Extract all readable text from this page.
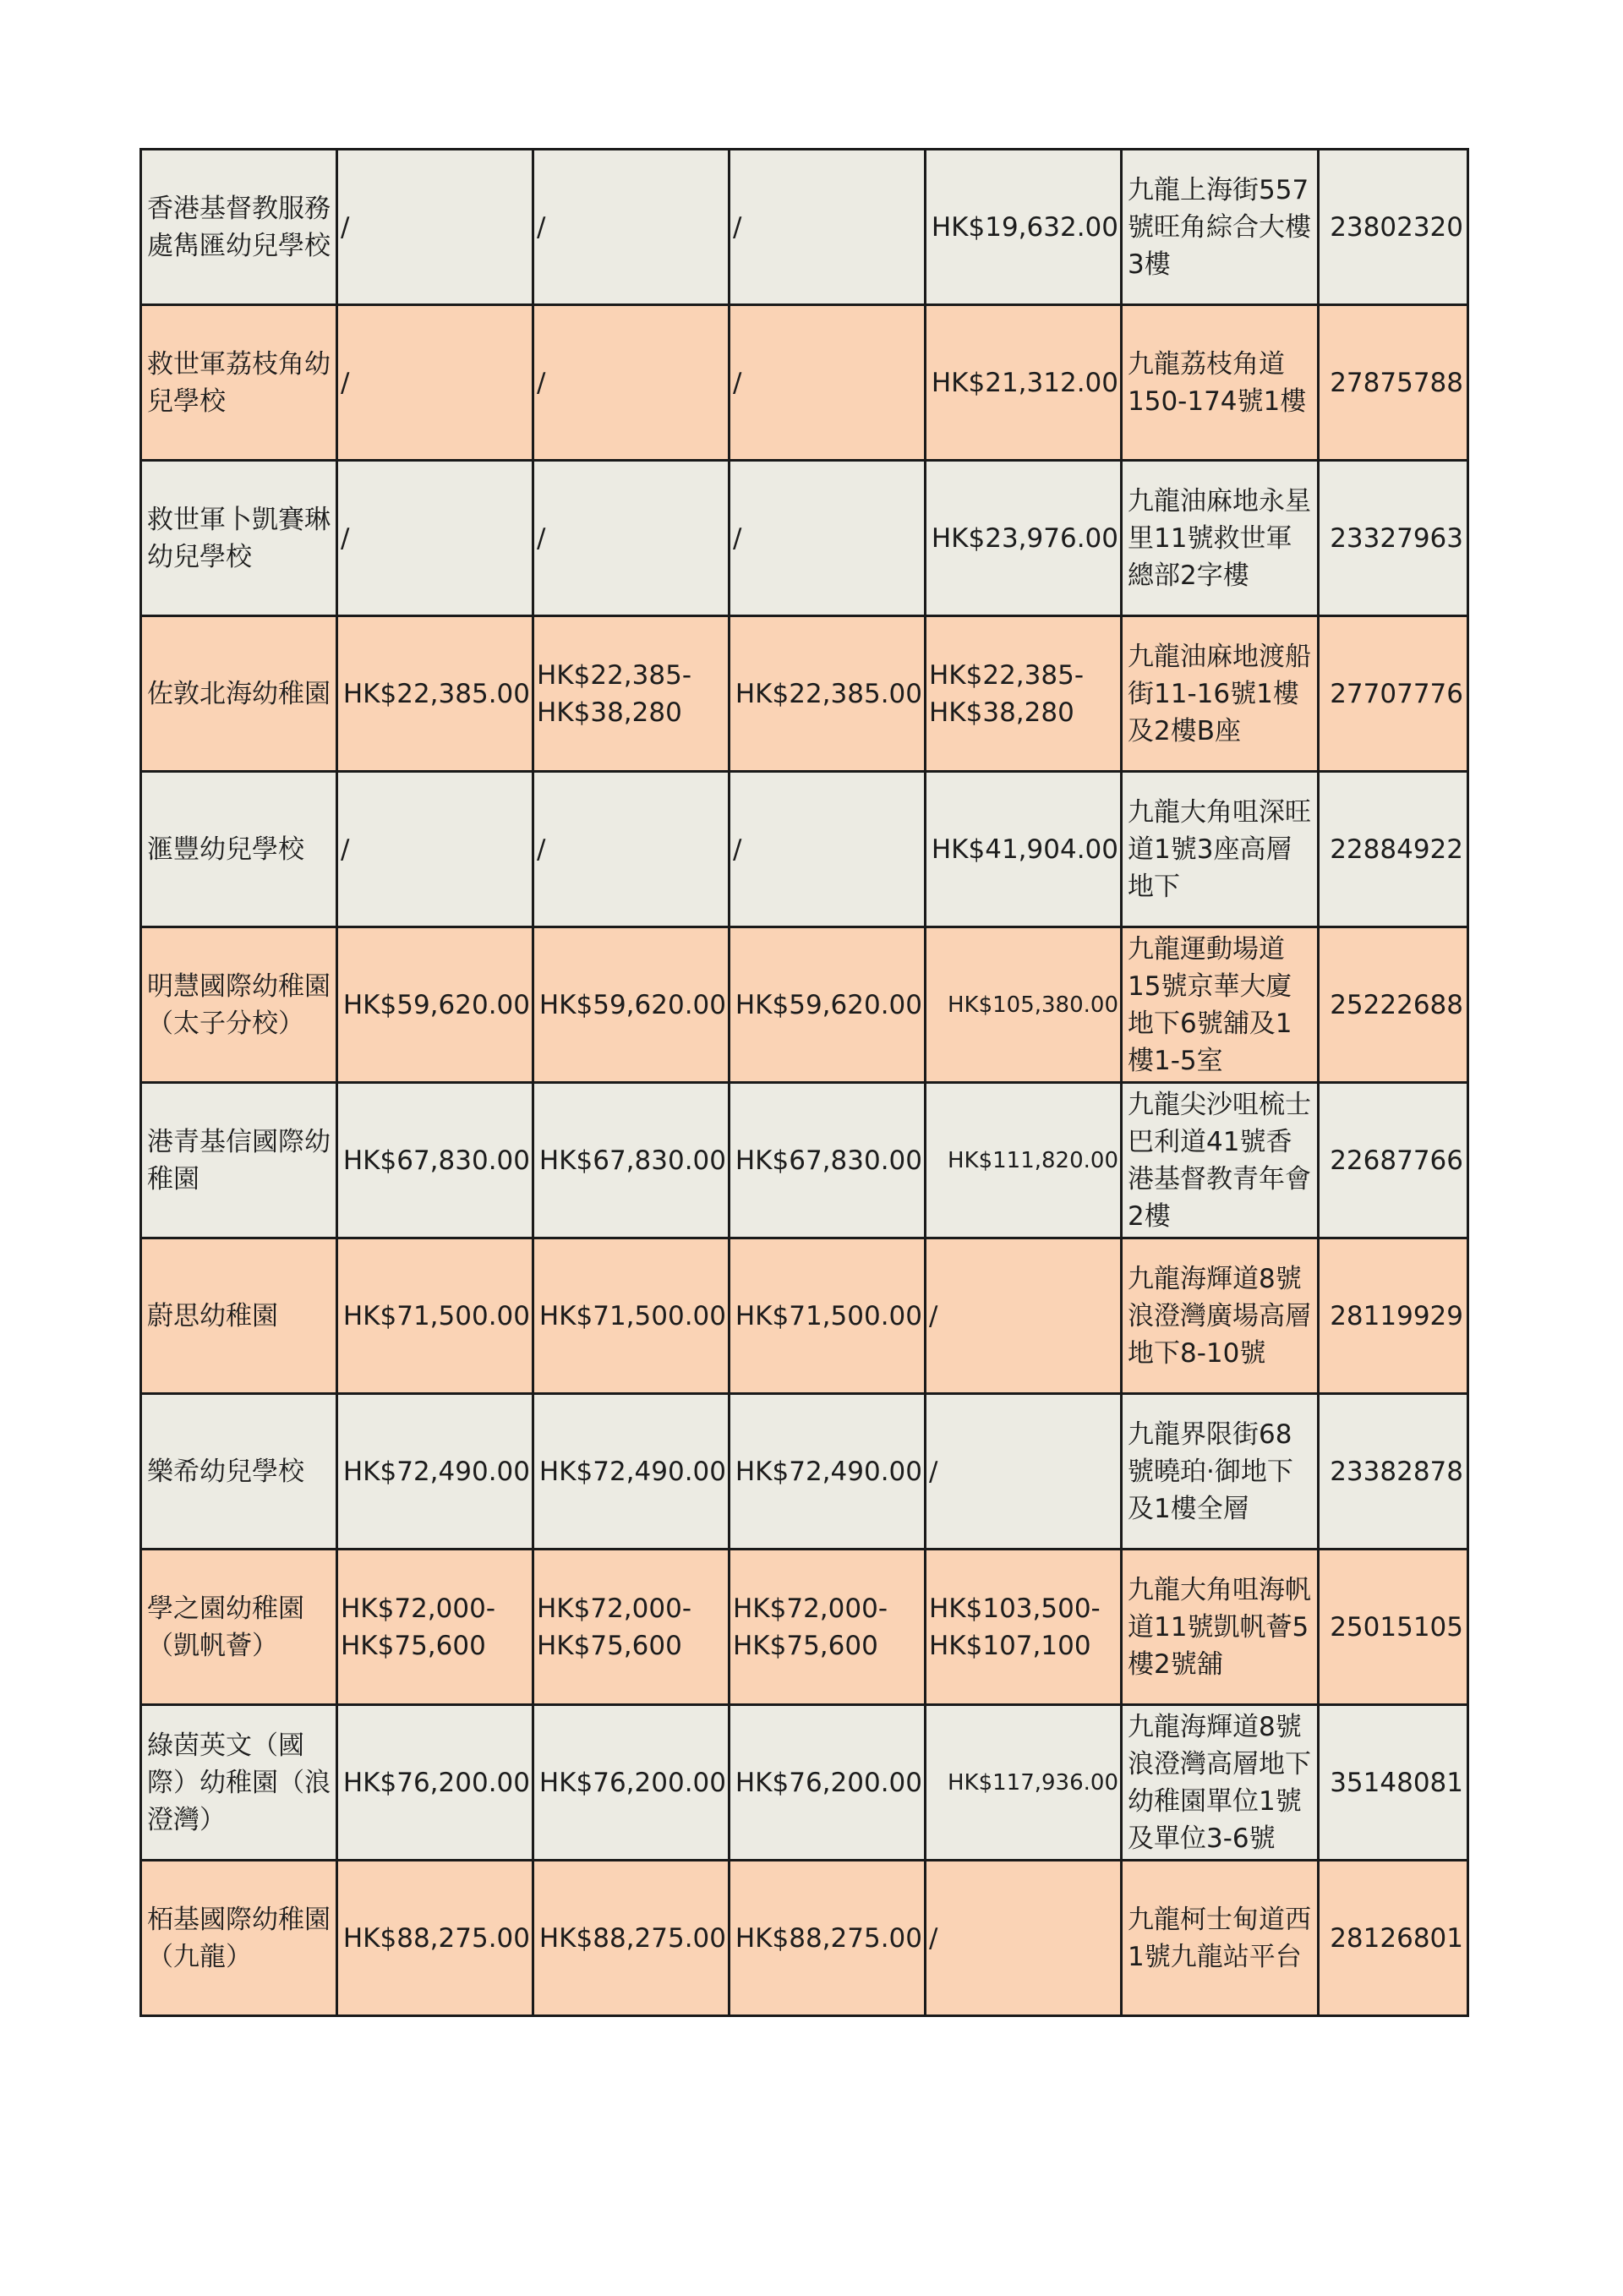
香港基督教服務處雋匯幼兒學校	/	/	/	HK$19,632.00	九龍上海街557號旺角綜合大樓3樓	23802320
救世軍荔枝角幼兒學校	/	/	/	HK$21,312.00	九龍荔枝角道150-174號1樓	27875788
救世軍卜凱賽琳幼兒學校	/	/	/	HK$23,976.00	九龍油麻地永星里11號救世軍總部2字樓	23327963
佐敦北海幼稚園	HK$22,385.00	HK$22,385-HK$38,280	HK$22,385.00	HK$22,385-HK$38,280	九龍油麻地渡船街11-16號1樓及2樓B座	27707776
滙豐幼兒學校	/	/	/	HK$41,904.00	九龍大角咀深旺道1號3座高層地下	22884922
明慧國際幼稚園（太子分校）	HK$59,620.00	HK$59,620.00	HK$59,620.00	HK$105,380.00	九龍運動場道15號京華大廈地下6號舖及1樓1-5室	25222688
港青基信國際幼稚園	HK$67,830.00	HK$67,830.00	HK$67,830.00	HK$111,820.00	九龍尖沙咀梳士巴利道41號香港基督教青年會2樓	22687766
蔚思幼稚園	HK$71,500.00	HK$71,500.00	HK$71,500.00	/	九龍海輝道8號浪澄灣廣場高層地下8-10號	28119929
樂希幼兒學校	HK$72,490.00	HK$72,490.00	HK$72,490.00	/	九龍界限街68號曉珀·御地下及1樓全層	23382878
學之園幼稚園（凱帆薈）	HK$72,000-HK$75,600	HK$72,000-HK$75,600	HK$72,000-HK$75,600	HK$103,500-HK$107,100	九龍大角咀海帆道11號凱帆薈5樓2號舖	25015105
綠茵英文（國際）幼稚園（浪澄灣）	HK$76,200.00	HK$76,200.00	HK$76,200.00	HK$117,936.00	九龍海輝道8號浪澄灣高層地下幼稚園單位1號及單位3-6號	35148081
栢基國際幼稚園（九龍）	HK$88,275.00	HK$88,275.00	HK$88,275.00	/	九龍柯士甸道西1號九龍站平台	28126801
